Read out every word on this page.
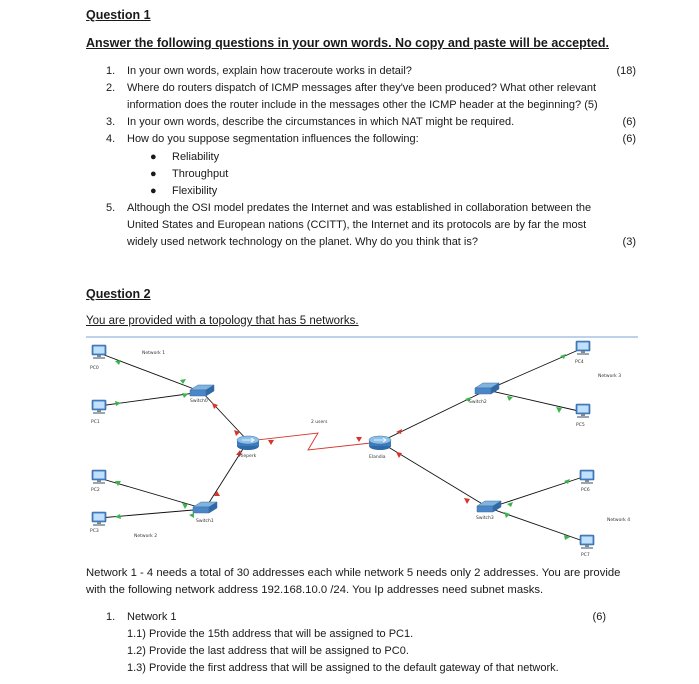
Question 1
Answer the following questions in your own words. No copy and paste will be accepted.
1. In your own words, explain how traceroute works in detail?	(18)
2. Where do routers dispatch of ICMP messages after they've been produced? What other relevant
information does the router include in the messages other the ICMP header at the beginning? (5)
3. In your own words, describe the circumstances in which NAT might be required.	(6)
4. How do you suppose segmentation influences the following:	(6)
● Reliability
● Throughput
● Flexibility
5. Although the OSI model predates the Internet and was established in collaboration between the
United States and European nations (CCITT), the Internet and its protocols are by far the most
widely used network technology on the planet. Why do you think that is?	(3)
Question 2
You are provided with a topology that has 5 networks.
Network 1
Network 2
Network 3
Network 4
2 users
Switch0
Switch1
Switch2
Switch3
Rieperk	Elandia
PC0
PC1
PC2
PC3
PC4
PC5
PC6
PC7
Network 1 - 4 needs a total of 30 addresses each while network 5 needs only 2 addresses. You are provide
with the following network address 192.168.10.0 /24. You Ip addresses need subnet masks.
1. Network 1	(6)
1.1) Provide the 15th address that will be assigned to PC1.
1.2) Provide the last address that will be assigned to PC0.
1.3) Provide the first address that will be assigned to the default gateway of that network.
